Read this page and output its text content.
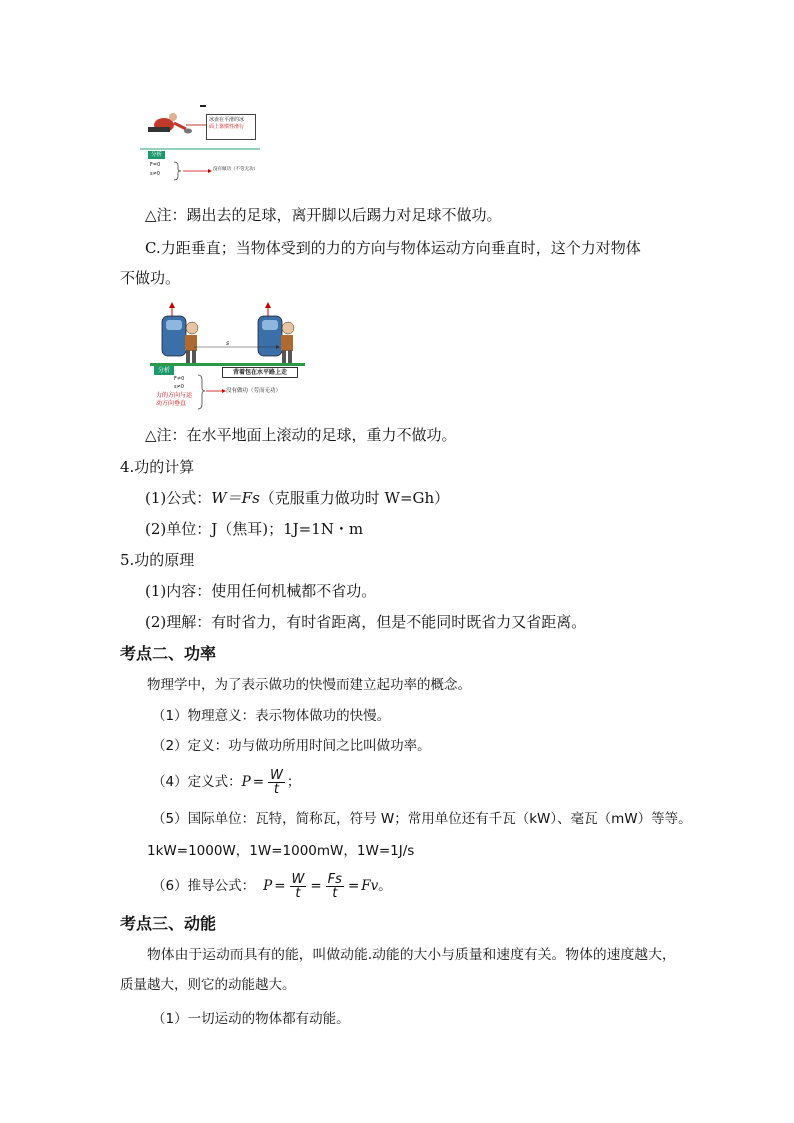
冰壶在平滑的冰
面上靠惯性滑行
分析
F=0
s≠0
没有做功（不劳无功）
△注：踢出去的足球，离开脚以后踢力对足球不做功。
C.力距垂直；当物体受到的力的方向与物体运动方向垂直时，这个力对物体
不做功。
s
背着包在水平路上走
分析
F≠0
s≠0
力的方向与运
动方向垂直
没有做功（劳而无功）
△注：在水平地面上滚动的足球，重力不做功。
4.功的计算
(1)公式：W＝Fs（克服重力做功时 W=Gh）
(2)单位：J（焦耳)；1J=1N・m
5.功的原理
(1)内容：使用任何机械都不省功。
(2)理解：有时省力，有时省距离，但是不能同时既省力又省距离。
考点二、功率
物理学中，为了表示做功的快慢而建立起功率的概念。
（1）物理意义：表示物体做功的快慢。
（2）定义：功与做功所用时间之比叫做功率。
（4）定义式： $P = \frac{W}{t}$ ；
（5）国际单位：瓦特，简称瓦，符号 W；常用单位还有千瓦（kW）、毫瓦（mW）等等。
1kW=1000W，1W=1000mW，1W=1J/s
（6）推导公式： $P = \frac{W}{t} = \frac{Fs}{t} = Fv$ 。
考点三、动能
物体由于运动而具有的能，叫做动能.动能的大小与质量和速度有关。物体的速度越大，
质量越大，则它的动能越大。
（1）一切运动的物体都有动能。
